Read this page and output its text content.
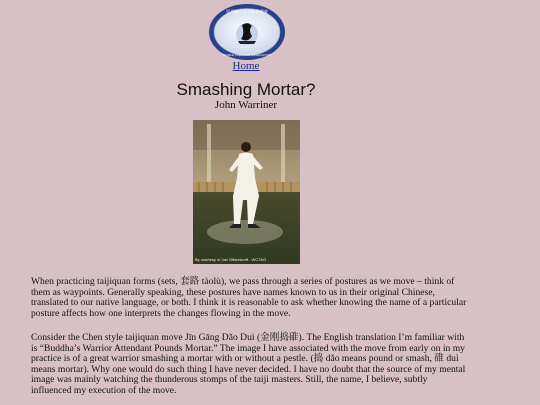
世界陳小旺太極拳總會
WORLD TAIJIQUAN ASSOCIATION
Home
Smashing Mortar?
John Warriner
By courtesy of Jan Silberstorff - WCTAG

When practicing taijiquan forms (sets, 套路 tàolù), we pass through a series of postures as we move – think of them as waypoints. Generally speaking, these postures have names known to us in their original Chinese, translated to our native language, or both. I think it is reasonable to ask whether knowing the name of a particular posture affects how one interprets the changes flowing in the move.

Consider the Chen style taijiquan move Jīn Gāng Dǎo Duì (金刚捣碓). The English translation I’m familiar with is “Buddha’s Warrior Attendant Pounds Mortar.” The image I have associated with the move from early on in my practice is of a great warrior smashing a mortar with or without a pestle. (捣 dǎo means pound or smash, 碓 duì means mortar). Why one would do such thing I have never decided. I have no doubt that the source of my mental image was mainly watching the thunderous stomps of the taiji masters. Still, the name, I believe, subtly influenced my execution of the move.
